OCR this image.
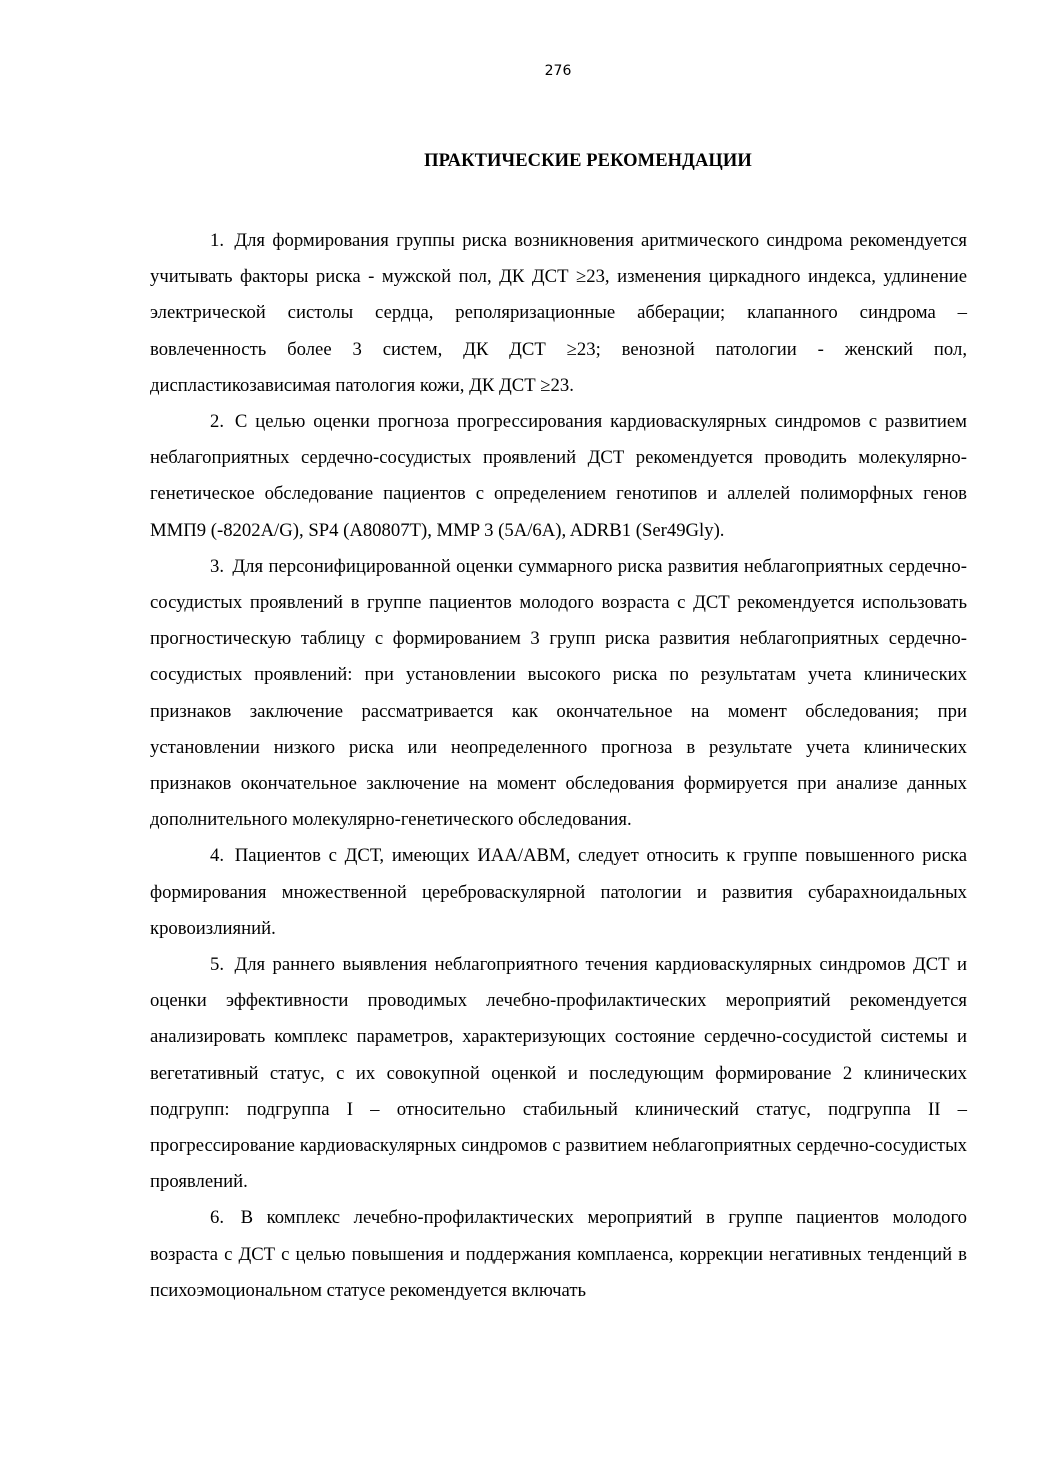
276
ПРАКТИЧЕСКИЕ РЕКОМЕНДАЦИИ

1. Для формирования группы риска возникновения аритмического синдрома рекомендуется учитывать факторы риска - мужской пол, ДК ДСТ ≥23, изменения циркадного индекса, удлинение электрической систолы сердца, реполяризационные абберации; клапанного синдрома – вовлеченность более 3 систем, ДК ДСТ ≥23; венозной патологии - женский пол, диспластикозависимая патология кожи, ДК ДСТ ≥23.

2. С целью оценки прогноза прогрессирования кардиоваскулярных синдромов с развитием неблагоприятных сердечно-сосудистых проявлений ДСТ рекомендуется проводить молекулярно-генетическое обследование пациентов с определением генотипов и аллелей полиморфных генов ММП9 (-8202A/G), SP4 (A80807T), MMP 3 (5A/6A), ADRB1 (Ser49Gly).

3. Для персонифицированной оценки суммарного риска развития неблагоприятных сердечно-сосудистых проявлений в группе пациентов молодого возраста с ДСТ рекомендуется использовать прогностическую таблицу с формированием 3 групп риска развития неблагоприятных сердечно-сосудистых проявлений: при установлении высокого риска по результатам учета клинических признаков заключение рассматривается как окончательное на момент обследования; при установлении низкого риска или неопределенного прогноза в результате учета клинических признаков окончательное заключение на момент обследования формируется при анализе данных дополнительного молекулярно-генетического обследования.

4. Пациентов с ДСТ, имеющих ИАА/АВМ, следует относить к группе повышенного риска формирования множественной цереброваскулярной патологии и развития субарахноидальных кровоизлияний.

5. Для раннего выявления неблагоприятного течения кардиоваскулярных синдромов ДСТ и оценки эффективности проводимых лечебно-профилактических мероприятий рекомендуется анализировать комплекс параметров, характеризующих состояние сердечно-сосудистой системы и вегетативный статус, с их совокупной оценкой и последующим формирование 2 клинических подгрупп: подгруппа I – относительно стабильный клинический статус, подгруппа II – прогрессирование кардиоваскулярных синдромов с развитием неблагоприятных сердечно-сосудистых проявлений.

6. В комплекс лечебно-профилактических мероприятий в группе пациентов молодого возраста с ДСТ с целью повышения и поддержания комплаенса, коррекции негативных тенденций в психоэмоциональном статусе рекомендуется включать
